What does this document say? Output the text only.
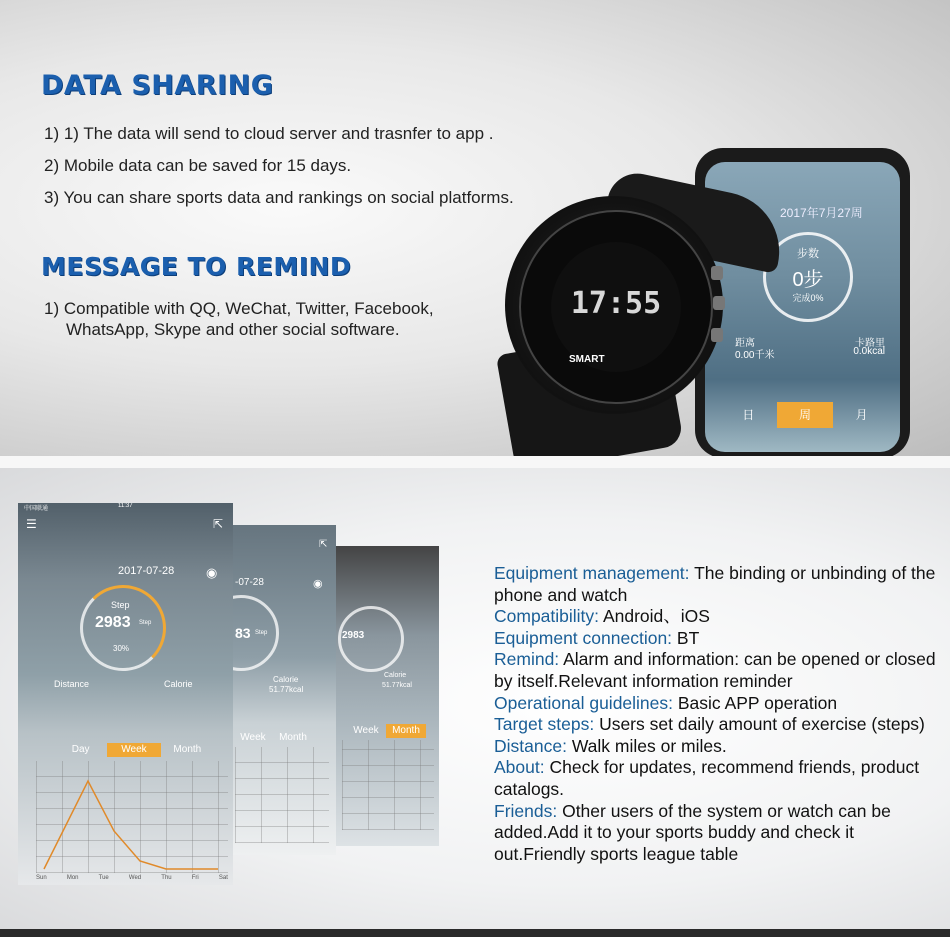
DATA SHARING
1) 1) The data will send to cloud server and trasnfer to app .
2) Mobile data can be saved for 15 days.
3) You can share sports data and rankings on social platforms.
MESSAGE TO REMIND
1) Compatible with QQ, WeChat, Twitter, Facebook,
WhatsApp, Skype and other social software.
2017年7月27周
步数
0步
完成0%
距离	卡路里
0.00千米	0.0kcal
日	周	月
17:55
SMART
中国联通	11:37
☰	⇱
2017-07-28 ◉
Step
2983 Step
30%
Distance	Calorie
Day	Week	Month
Sun	Mon	Tue	Wed	Thu	Fri	Sat
⇱
-07-28	◉
83 Step
Calorie
51.77kcal
Week	Month
2983
Calorie
51.77kcal
Week	Month

Equipment management: The binding or unbinding of the phone and watch

Compatibility: Android、iOS

Equipment connection: BT

Remind: Alarm and information: can be opened or closed by itself.Relevant information reminder

Operational guidelines: Basic APP operation

Target steps: Users set daily amount of exercise (steps)

Distance: Walk miles or miles.

About: Check for updates, recommend friends, product catalogs.

Friends: Other users of the system or watch can be added.Add it to your sports buddy and check it out.Friendly sports league table
